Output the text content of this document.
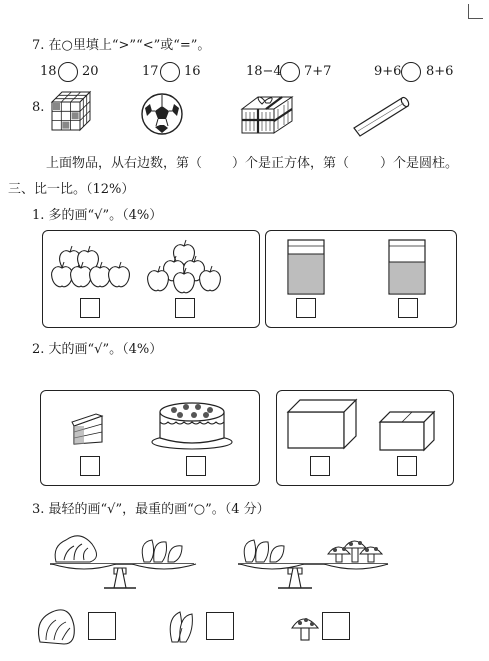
7. 在○里填上“>”“<”或“=”。
18 20	17 16	18−4 7+7	9+6 8+6
8.
上面物品，从右边数，第（ ）个是正方体，第（ ）个是圆柱。
三、比一比。（12%）
1. 多的画“√”。（4%）
2. 大的画“√”。（4%）
3. 最轻的画“√”，最重的画“○”。（4 分）
